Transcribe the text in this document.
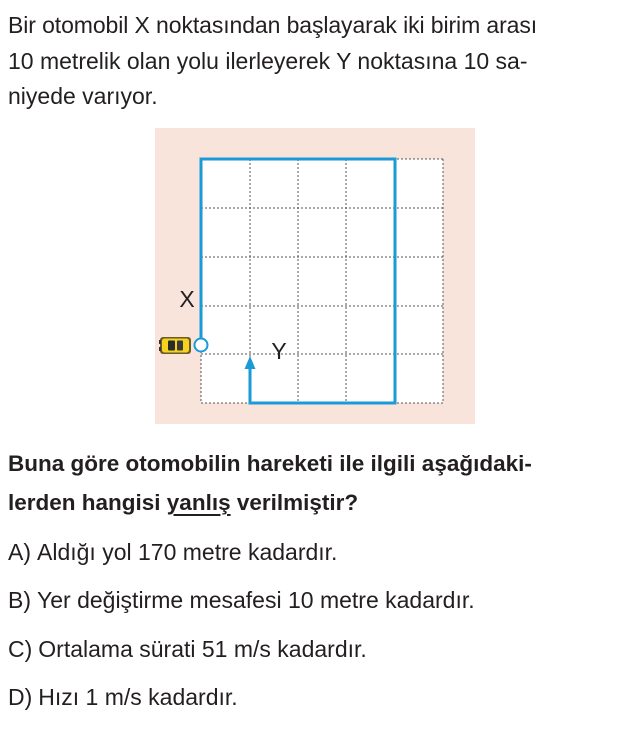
Bir otomobil X noktasından başlayarak iki birim arası
10 metrelik olan yolu ilerleyerek Y noktasına 10 sa-
niyede varıyor.
X
Y
Buna göre otomobilin hareketi ile ilgili aşağıdaki-
lerden hangisi yanlış verilmiştir?
A) Aldığı yol 170 metre kadardır.
B) Yer değiştirme mesafesi 10 metre kadardır.
C) Ortalama sürati 51 m/s kadardır.
D) Hızı 1 m/s kadardır.
